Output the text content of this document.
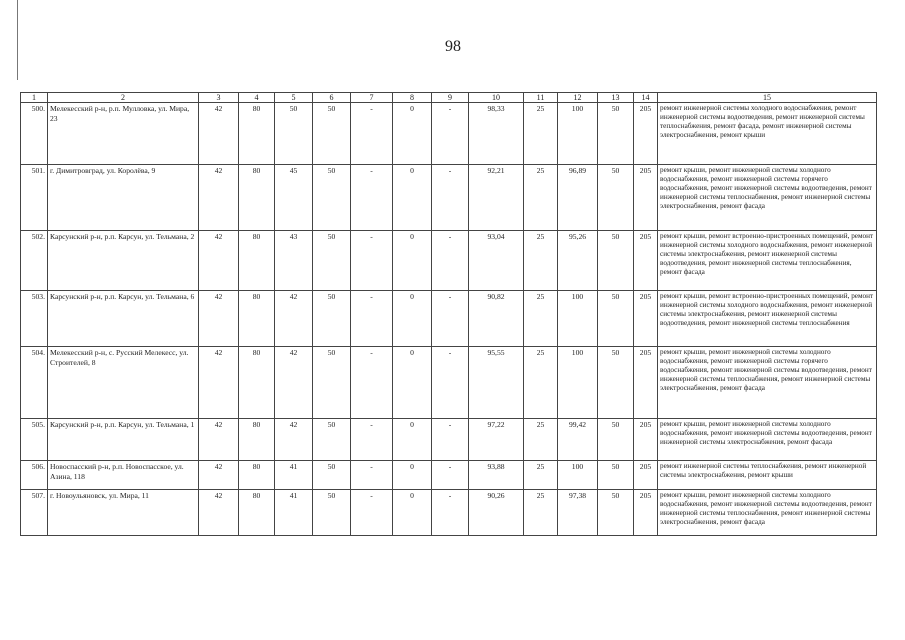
98
1	2	3	4	5	6	7	8	9	10	11	12	13	14	15
500.	Мелекесский р-н, р.п. Мулловка, ул. Мира, 23	42	80	50	50	-	0	-	98,33	25	100	50	205	ремонт инженерной системы холодного водоснабжения, ремонт инженерной системы водоотведения, ремонт инженерной системы теплоснабжения, ремонт фасада, ремонт инженерной системы электроснабжения, ремонт крыши
501.	г. Димитровград, ул. Королёва, 9	42	80	45	50	-	0	-	92,21	25	96,89	50	205	ремонт крыши, ремонт инженерной системы холодного водоснабжения, ремонт инженерной системы горячего водоснабжения, ремонт инженерной системы водоотведения, ремонт инженерной системы теплоснабжения, ремонт инженерной системы электроснабжения, ремонт фасада
502.	Карсунский р-н, р.п. Карсун, ул. Тельмана, 2	42	80	43	50	-	0	-	93,04	25	95,26	50	205	ремонт крыши, ремонт встроенно-пристроенных помещений, ремонт инженерной системы холодного водоснабжения, ремонт инженерной системы электроснабжения, ремонт инженерной системы водоотведения, ремонт инженерной системы теплоснабжения, ремонт фасада
503.	Карсунский р-н, р.п. Карсун, ул. Тельмана, 6	42	80	42	50	-	0	-	90,82	25	100	50	205	ремонт крыши, ремонт встроенно-пристроенных помещений, ремонт инженерной системы холодного водоснабжения, ремонт инженерной системы электроснабжения, ремонт инженерной системы водоотведения, ремонт инженерной системы теплоснабжения
504.	Мелекесский р-н, с. Русский Мелекесс, ул. Строителей, 8	42	80	42	50	-	0	-	95,55	25	100	50	205	ремонт крыши, ремонт инженерной системы холодного водоснабжения, ремонт инженерной системы горячего водоснабжения, ремонт инженерной системы водоотведения, ремонт инженерной системы теплоснабжения, ремонт инженерной системы электроснабжения, ремонт фасада
505.	Карсунский р-н, р.п. Карсун, ул. Тельмана, 1	42	80	42	50	-	0	-	97,22	25	99,42	50	205	ремонт крыши, ремонт инженерной системы холодного водоснабжения, ремонт инженерной системы водоотведения, ремонт инженерной системы электроснабжения, ремонт фасада
506.	Новоспасский р-н, р.п. Новоспасское, ул. Азина, 118	42	80	41	50	-	0	-	93,88	25	100	50	205	ремонт инженерной системы теплоснабжения, ремонт инженерной системы электроснабжения, ремонт крыши
507.	г. Новоульяновск, ул. Мира, 11	42	80	41	50	-	0	-	90,26	25	97,38	50	205	ремонт крыши, ремонт инженерной системы холодного водоснабжения, ремонт инженерной системы водоотведения, ремонт инженерной системы теплоснабжения, ремонт инженерной системы электроснабжения, ремонт фасада
